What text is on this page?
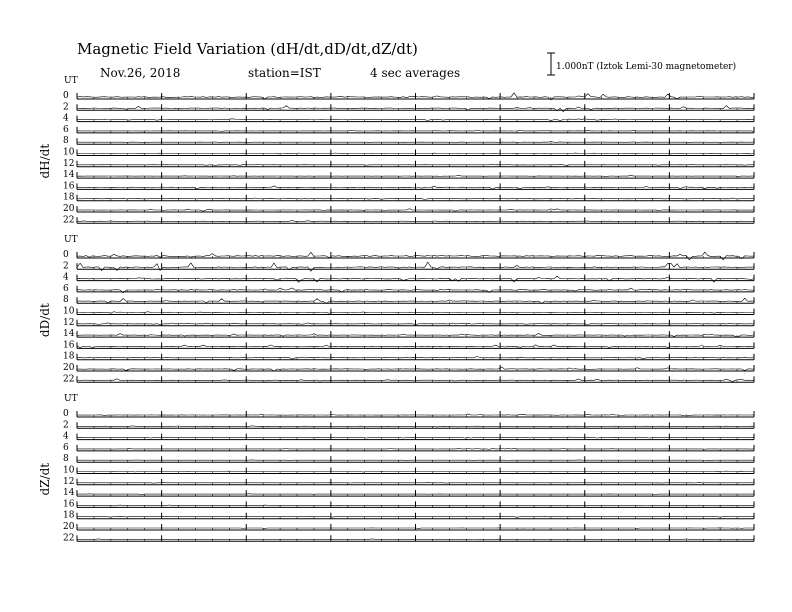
Magnetic Field Variation (dH/dt,dD/dt,dZ/dt)
Nov.26, 2018	station=IST	4 sec averages	1.000nT (Iztok Lemi-30 magnetometer)
UT
dH/dt
0
2
4
6
8
10
12
14
16
18
20
22
UT
dD/dt
0
2
4
6
8
10
12
14
16
18
20
22
UT
dZ/dt
0
2
4
6
8
10
12
14
16
18
20
22
